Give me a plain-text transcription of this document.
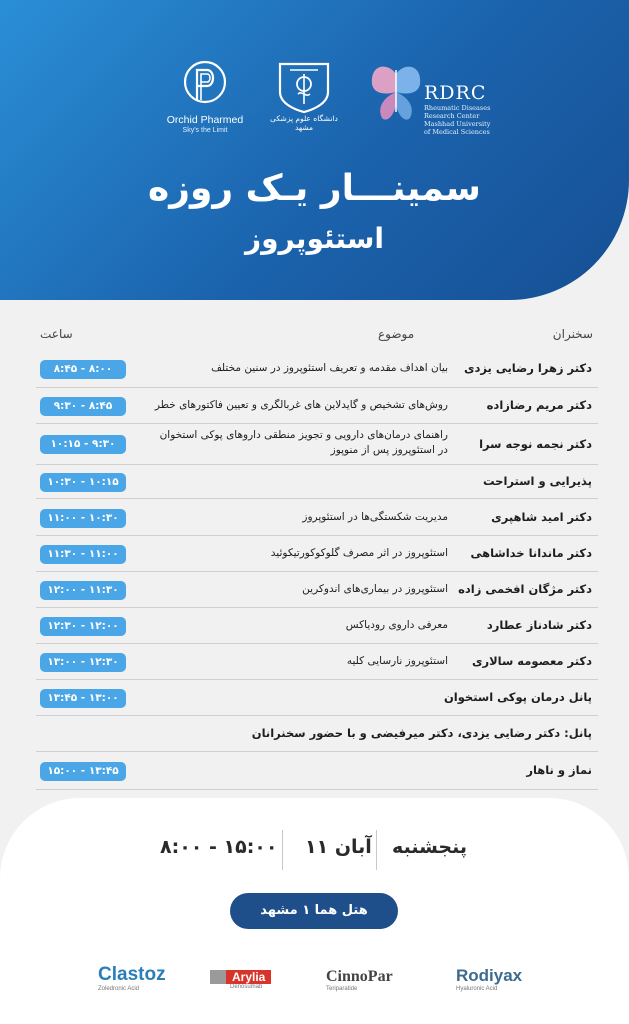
RDRC
Rheumatic Diseases Research Center Mashhad University of Medical Sciences
دانشگاه علوم پزشکی مشهد
Orchid Pharmed
Sky's the Limit
سمینـــار یـک روزه
استئوپروز
سخنران
موضوع
ساعت
دکتر زهرا رضایی یزدی
بیان اهداف مقدمه و تعریف استئوپروز در سنین مختلف
۸:۰۰ - ۸:۴۵
دکتر مریم رضازاده
روش‌های تشخیص و گایدلاین های غربالگری و تعیین فاکتورهای خطر
۸:۴۵ - ۹:۳۰
دکتر نجمه نوجه سرا
راهنمای درمان‌های دارویی و تجویز منطقی داروهای پوکی استخوان در استئوپروز پس از منوپوز
۹:۳۰ - ۱۰:۱۵
پذیرایی و استراحت
۱۰:۱۵ - ۱۰:۳۰
دکتر امید شاهپری
مدیریت شکستگی‌ها در استئوپروز
۱۰:۳۰ - ۱۱:۰۰
دکتر ماندانا خداشاهی
استئوپروز در اثر مصرف گلوکوکورتیکوئید
۱۱:۰۰ - ۱۱:۳۰
دکتر مژگان افخمی زاده
استئوپروز در بیماری‌های اندوکرین
۱۱:۳۰ - ۱۲:۰۰
دکتر شادناز عطارد
معرفی داروی رودیاکس
۱۲:۰۰ - ۱۲:۳۰
دکتر معصومه سالاری
استئوپروز نارسایی کلیه
۱۲:۳۰ - ۱۳:۰۰
پانل درمان پوکی استخوان
۱۳:۰۰ - ۱۳:۴۵
پانل: دکتر رضایی یزدی، دکتر میرفیضی و با حضور سخنرانان
نماز و ناهار
۱۳:۴۵ - ۱۵:۰۰
پنجشنبه
۱۱ آبان
۸:۰۰ - ۱۵:۰۰
هتل هما ۱ مشهد
Clastoz
Zoledronic Acid
Arylia
Denosumab
CinnoPar
Teriparatide
Rodiyax
Hyaluronic Acid
